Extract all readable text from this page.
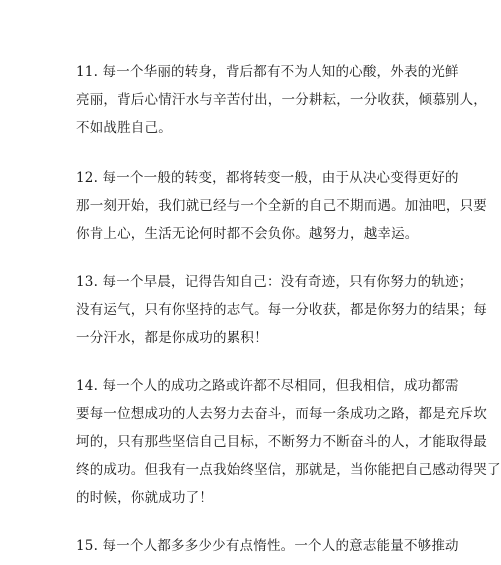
11. 每一个华丽的转身，背后都有不为人知的心酸，外表的光鲜
亮丽，背后心情汗水与辛苦付出，一分耕耘，一分收获，倾慕别人，
不如战胜自己。
12. 每一个一般的转变，都将转变一般，由于从决心变得更好的
那一刻开始，我们就已经与一个全新的自己不期而遇。加油吧，只要
你肯上心，生活无论何时都不会负你。越努力，越幸运。
13. 每一个早晨，记得告知自己：没有奇迹，只有你努力的轨迹；
没有运气，只有你坚持的志气。每一分收获，都是你努力的结果；每
一分汗水，都是你成功的累积！
14. 每一个人的成功之路或许都不尽相同，但我相信，成功都需
要每一位想成功的人去努力去奋斗，而每一条成功之路，都是充斥坎
坷的，只有那些坚信自己目标，不断努力不断奋斗的人，才能取得最
终的成功。但我有一点我始终坚信，那就是，当你能把自己感动得哭了
的时候，你就成功了！
15. 每一个人都多多少少有点惰性。一个人的意志能量不够推动
